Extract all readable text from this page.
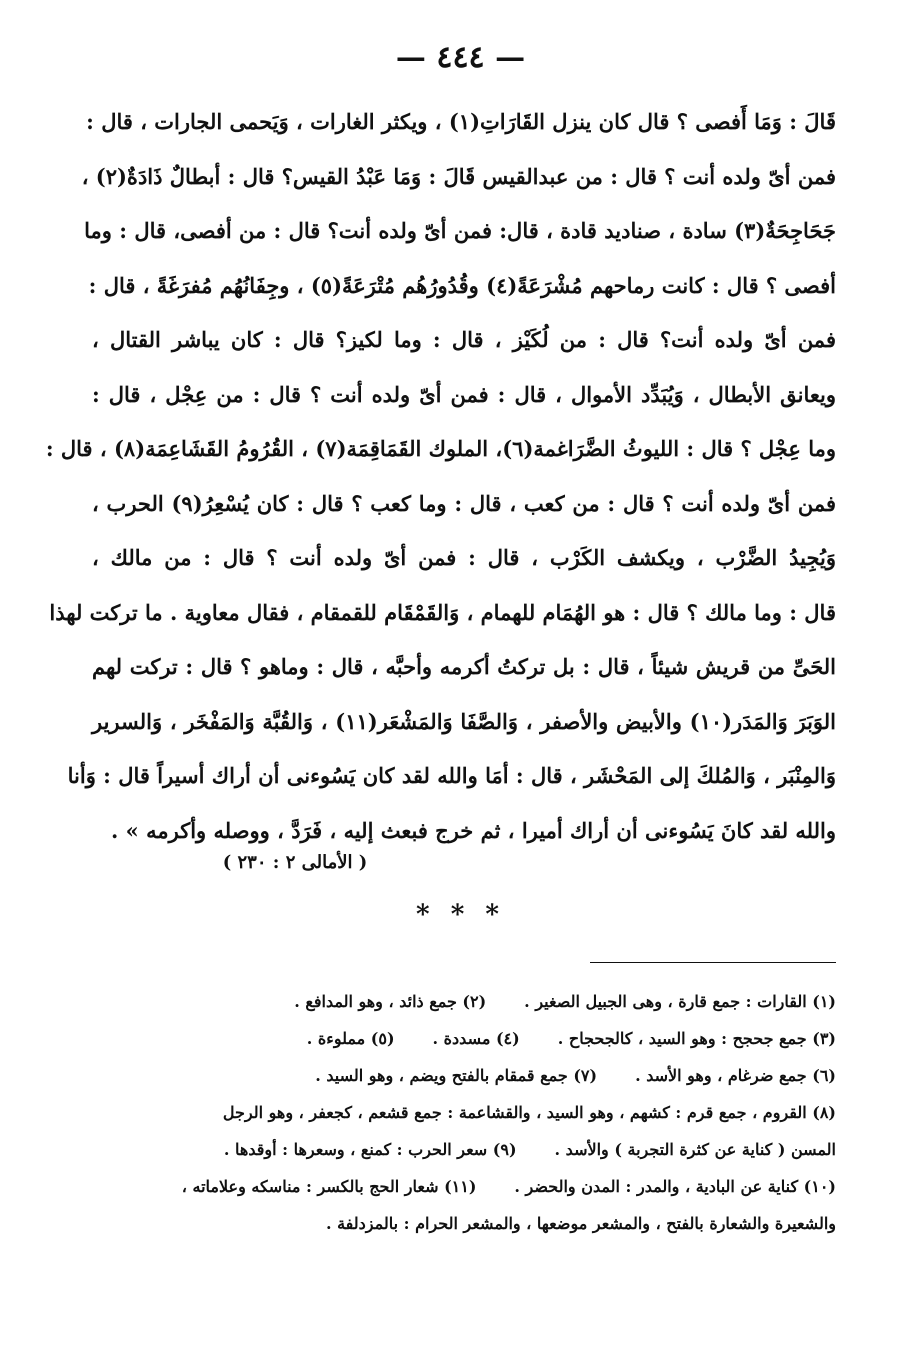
— ٤٤٤ —
قَالَ : وَمَا أَفصى ؟ قال كان ينزل القَارَاتِ(١) ، ويكثر الغارات ، وَيَحمى الجارات ، قال :
فمن أىّ ولده أنت ؟ قال : من عبدالقيس قَالَ : وَمَا عَبْدُ القيس؟ قال : أبطالٌ ذَادَةٌ(٢) ،
جَحَاجِحَةٌ(٣) سادة ، صناديد قادة ، قال: فمن أىّ ولده أنت؟ قال : من أفصى، قال : وما
أفصى ؟ قال : كانت رماحهم مُشْرَعَةً(٤) وقُدُورُهُم مُتْرَعَةً(٥) ، وجِفَانُهُم مُفرَغَةً ، قال :
فمن أىّ ولده أنت؟ قال : من لُكَيْز ، قال : وما لكيز؟ قال : كان يباشر القتال ،
ويعانق الأبطال ، وَيُبَدِّد الأموال ، قال : فمن أىّ ولده أنت ؟ قال : من عِجْل ، قال :
وما عِجْل ؟ قال : الليوثُ الضَّرَاغمة(٦)، الملوك القَمَاقِمَة(٧) ، القُرُومُ القَشَاعِمَة(٨) ، قال :
فمن أىّ ولده أنت ؟ قال : من كعب ، قال : وما كعب ؟ قال : كان يُسْعِرُ(٩) الحرب ،
وَيُجِيدُ الضَّرْب ، ويكشف الكَرْب ، قال : فمن أىّ ولده أنت ؟ قال : من مالك ،
قال : وما مالك ؟ قال : هو الهُمَام للهمام ، وَالقَمْقَام للقمقام ، فقال معاوية . ما تركت لهذا
الحَىِّ من قريش شيئاً ، قال : بل تركتُ أكرمه وأحبَّه ، قال : وماهو ؟ قال : تركت لهم
الوَبَرَ وَالمَدَر(١٠) والأبيض والأصفر ، وَالصَّفَا وَالمَشْعَر(١١) ، وَالقُبَّة وَالمَفْخَر ، وَالسرير
وَالمِنْبَر ، وَالمُلكَ إلى المَحْشَر ، قال : أمَا والله لقد كان يَسُوءنى أن أراك أسيراً قال : وَأنا
والله لقد كانَ يَسُوءنى أن أراك أميرا ، ثم خرج فبعث إليه ، فَرَدَّ ، ووصله وأكرمه » .
( الأمالى ٢ : ٢٣٠ )
* * *
(١) القارات : جمع قارة ، وهى الجبيل الصغير .(٢) جمع ذائد ، وهو المدافع .
(٣) جمع جحجح : وهو السيد ، كالجحجاح .(٤) مسددة .(٥) مملوءة .
(٦) جمع ضرغام ، وهو الأسد .(٧) جمع قمقام بالفتح ويضم ، وهو السيد .
(٨) القروم ، جمع قرم : كشهم ، وهو السيد ، والقشاعمة : جمع قشعم ، كجعفر ، وهو الرجل
المسن ( كناية عن كثرة التجربة ) والأسد .(٩) سعر الحرب : كمنع ، وسعرها : أوقدها .
(١٠) كناية عن البادية ، والمدر : المدن والحضر .(١١) شعار الحج بالكسر : مناسكه وعلاماته ،
والشعيرة والشعارة بالفتح ، والمشعر موضعها ، والمشعر الحرام : بالمزدلفة .
